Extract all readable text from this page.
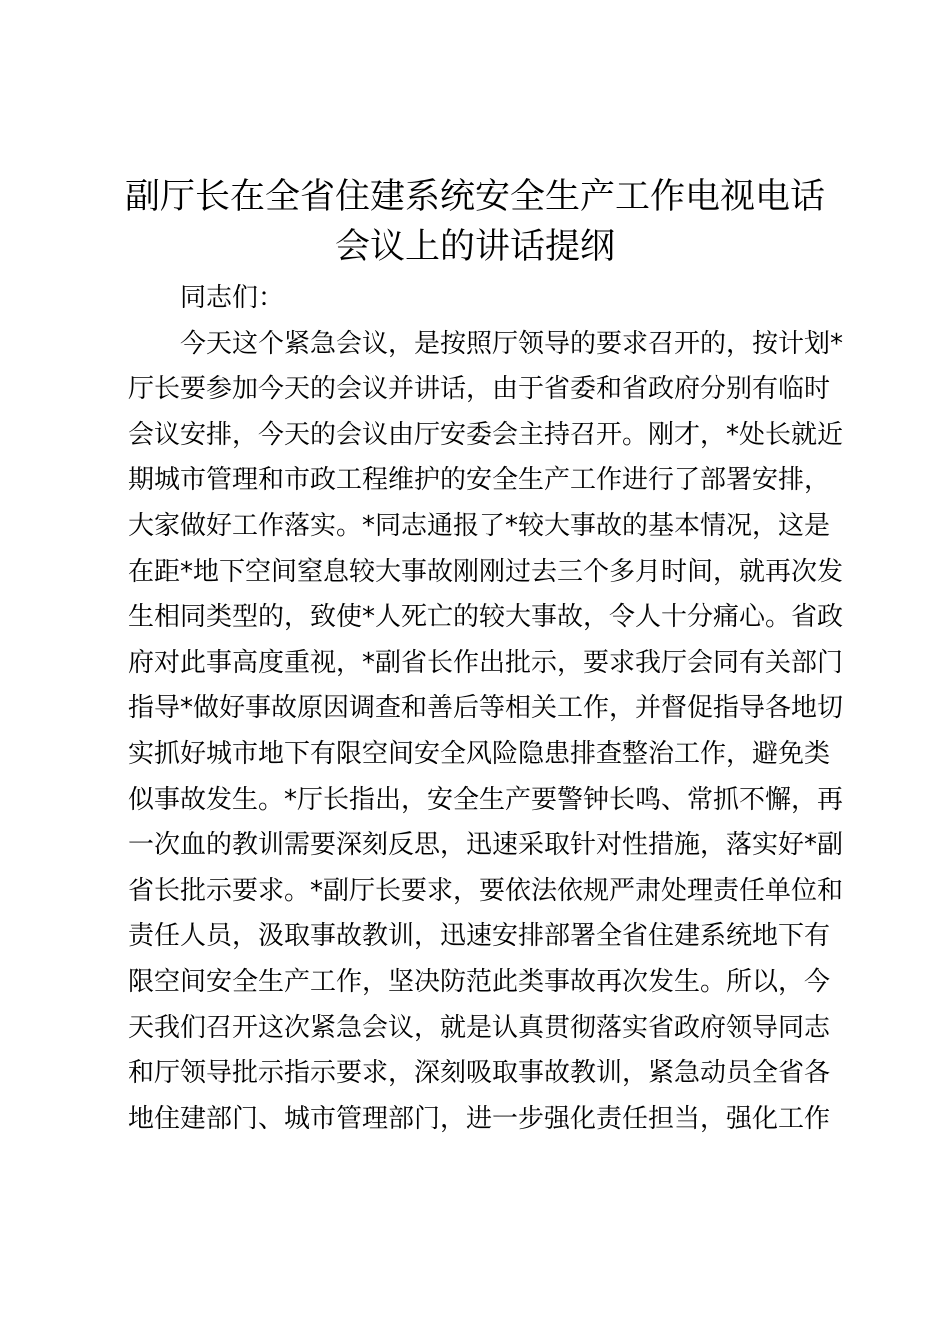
副厅长在全省住建系统安全生产工作电视电话
会议上的讲话提纲
同志们：
今天这个紧急会议，是按照厅领导的要求召开的，按计划*
厅长要参加今天的会议并讲话，由于省委和省政府分别有临时
会议安排，今天的会议由厅安委会主持召开。刚才，*处长就近
期城市管理和市政工程维护的安全生产工作进行了部署安排，
大家做好工作落实。*同志通报了*较大事故的基本情况，这是
在距*地下空间窒息较大事故刚刚过去三个多月时间，就再次发
生相同类型的，致使*人死亡的较大事故，令人十分痛心。省政
府对此事高度重视，*副省长作出批示，要求我厅会同有关部门
指导*做好事故原因调查和善后等相关工作，并督促指导各地切
实抓好城市地下有限空间安全风险隐患排查整治工作，避免类
似事故发生。*厅长指出，安全生产要警钟长鸣、常抓不懈，再
一次血的教训需要深刻反思，迅速采取针对性措施，落实好*副
省长批示要求。*副厅长要求，要依法依规严肃处理责任单位和
责任人员，汲取事故教训，迅速安排部署全省住建系统地下有
限空间安全生产工作，坚决防范此类事故再次发生。所以，今
天我们召开这次紧急会议，就是认真贯彻落实省政府领导同志
和厅领导批示指示要求，深刻吸取事故教训，紧急动员全省各
地住建部门、城市管理部门，进一步强化责任担当，强化工作
